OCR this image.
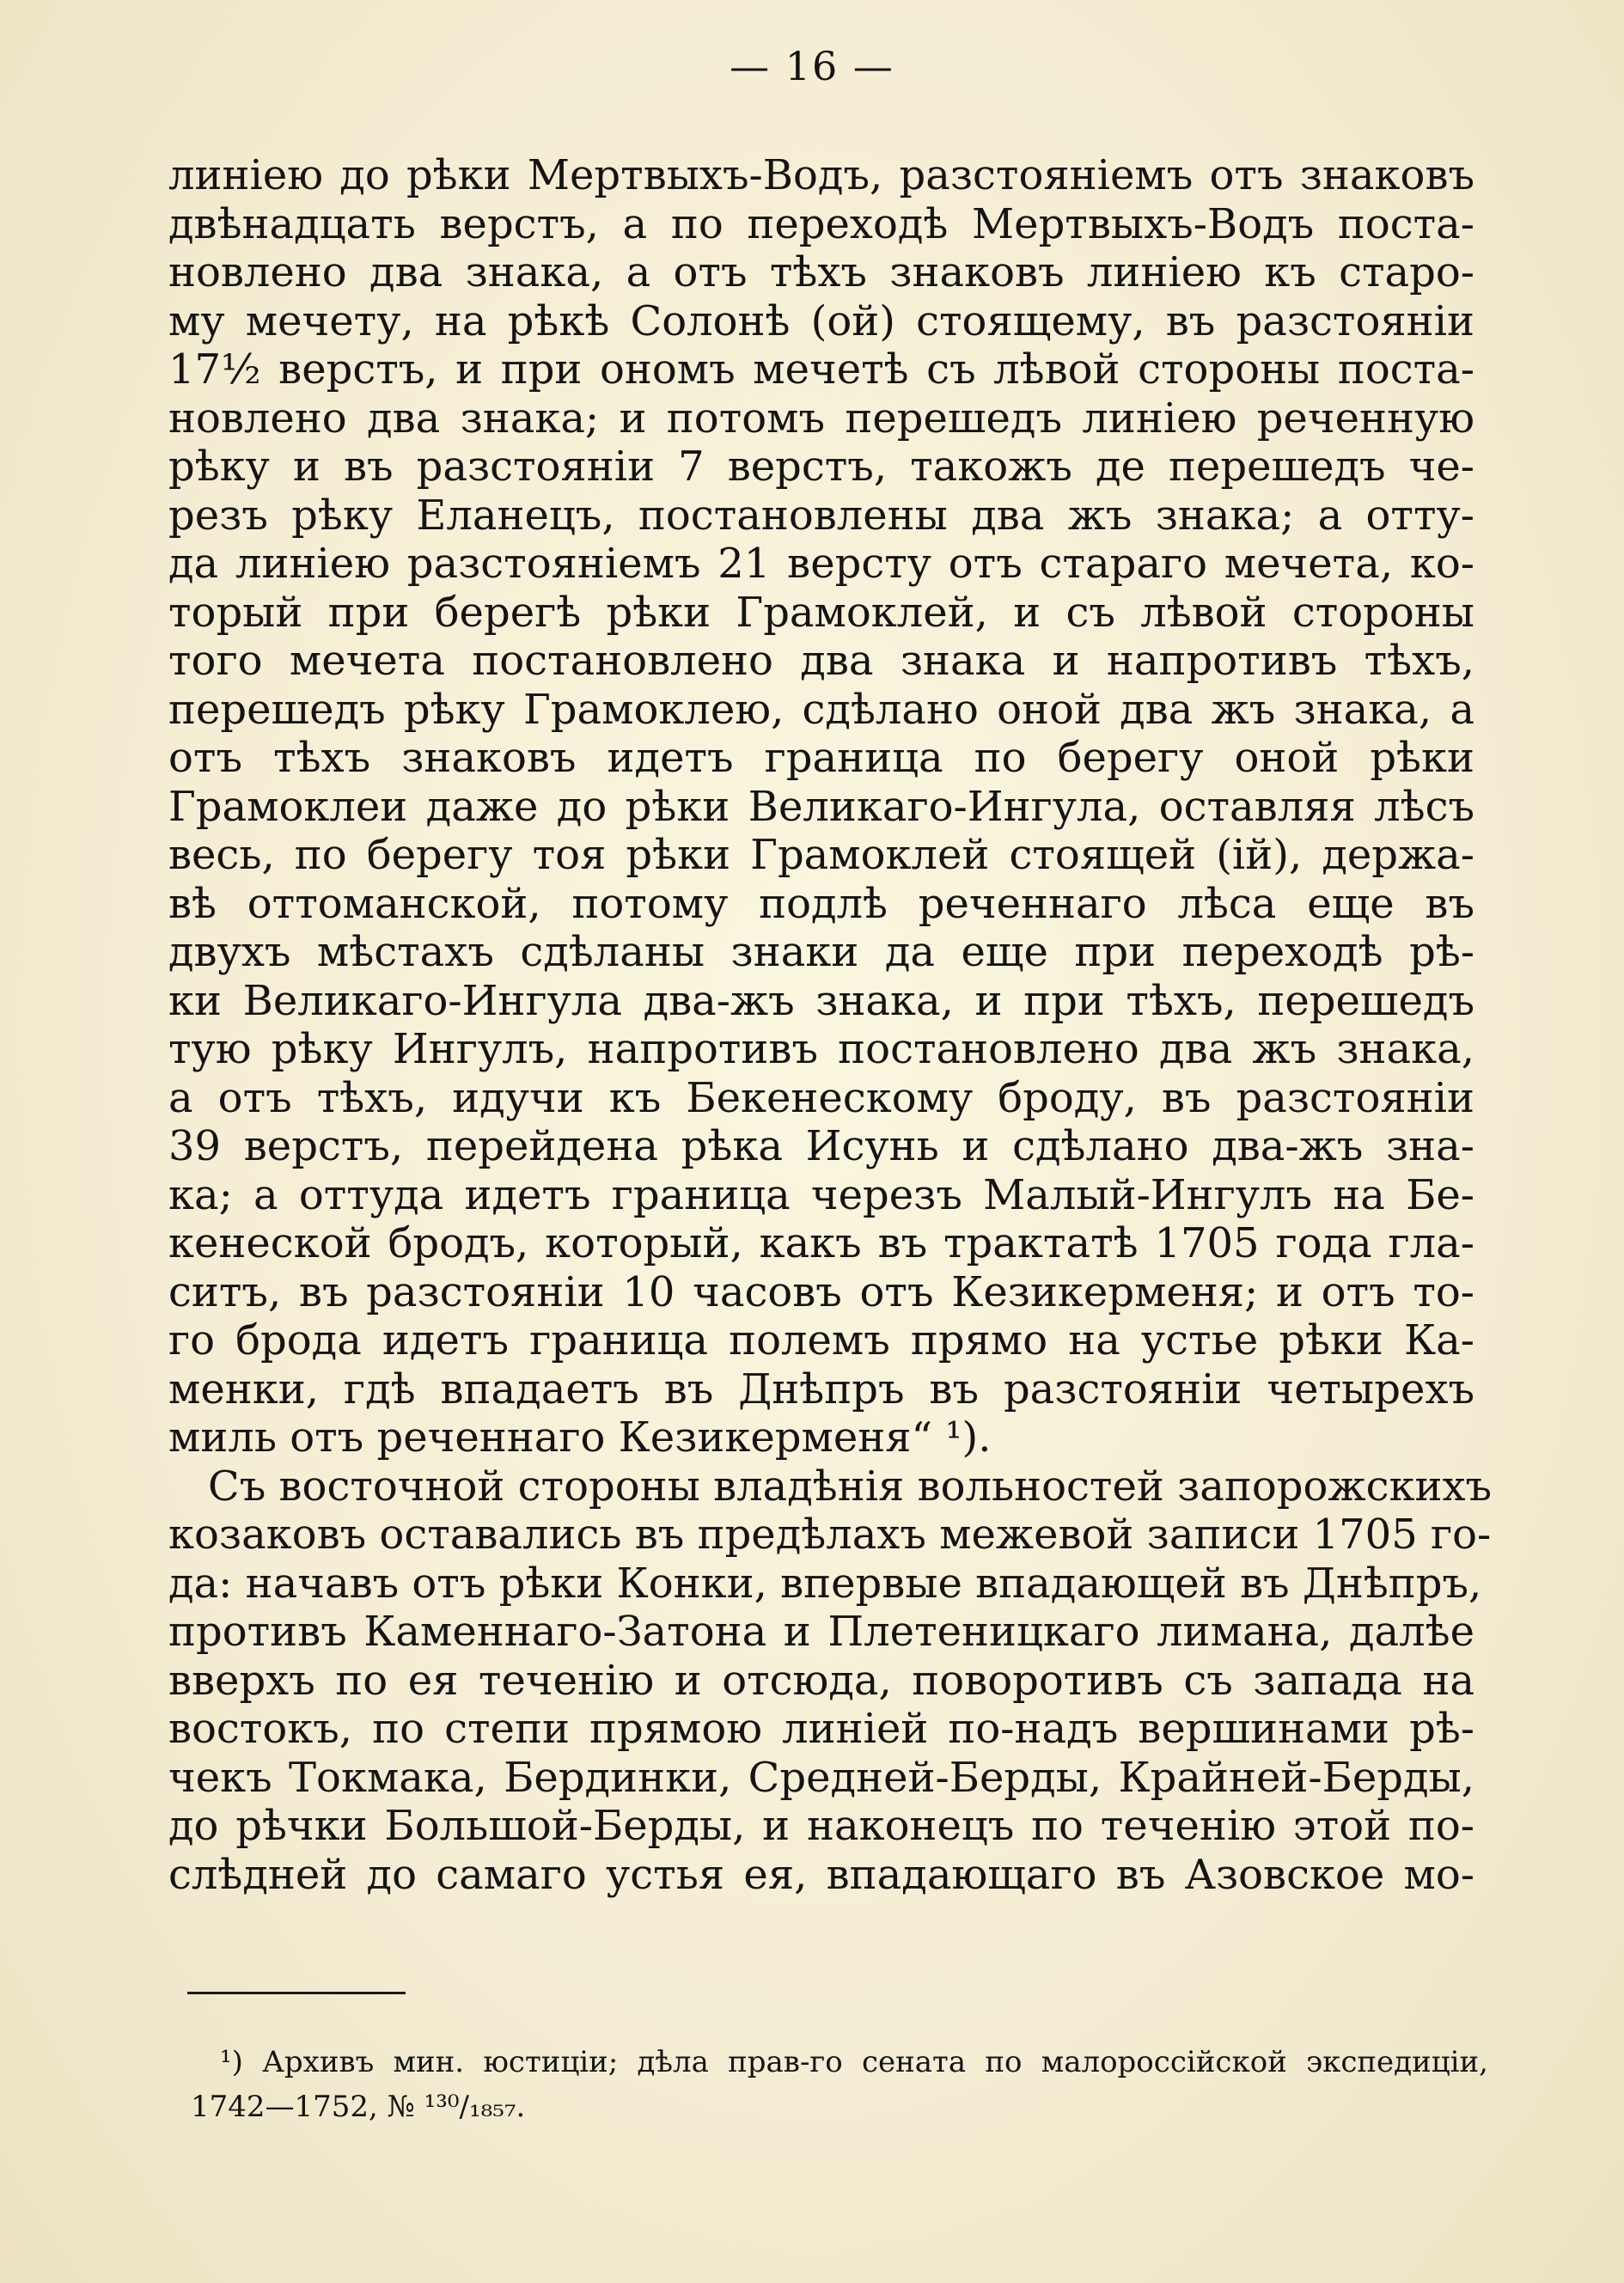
— 16 —
линіею до рѣки Мертвыхъ-Водъ, разстояніемъ отъ знаковъ
двѣнадцать верстъ, а по переходѣ Мертвыхъ-Водъ поста-
новлено два знака, а отъ тѣхъ знаковъ линіею къ старо-
му мечету, на рѣкѣ Солонѣ (ой) стоящему, въ разстояніи
17½ верстъ, и при ономъ мечетѣ съ лѣвой стороны поста-
новлено два знака; и потомъ перешедъ линіею реченную
рѣку и въ разстояніи 7 верстъ, такожъ де перешедъ че-
резъ рѣку Еланецъ, постановлены два жъ знака; а отту-
да линіею разстояніемъ 21 версту отъ стараго мечета, ко-
торый при берегѣ рѣки Грамоклей, и съ лѣвой стороны
того мечета постановлено два знака и напротивъ тѣхъ,
перешедъ рѣку Грамоклею, сдѣлано оной два жъ знака, а
отъ тѣхъ знаковъ идетъ граница по берегу оной рѣки
Грамоклеи даже до рѣки Великаго-Ингула, оставляя лѣсъ
весь, по берегу тоя рѣки Грамоклей стоящей (ій), держа-
вѣ оттоманской, потому подлѣ реченнаго лѣса еще въ
двухъ мѣстахъ сдѣланы знаки да еще при переходѣ рѣ-
ки Великаго-Ингула два-жъ знака, и при тѣхъ, перешедъ
тую рѣку Ингулъ, напротивъ постановлено два жъ знака,
а отъ тѣхъ, идучи къ Бекенескому броду, въ разстояніи
39 верстъ, перейдена рѣка Исунь и сдѣлано два-жъ зна-
ка; а оттуда идетъ граница черезъ Малый-Ингулъ на Бе-
кенеской бродъ, который, какъ въ трактатѣ 1705 года гла-
ситъ, въ разстояніи 10 часовъ отъ Кезикерменя; и отъ то-
го брода идетъ граница полемъ прямо на устье рѣки Ка-
менки, гдѣ впадаетъ въ Днѣпръ въ разстояніи четырехъ
миль отъ реченнаго Кезикерменя“ ¹).
Съ восточной стороны владѣнія вольностей запорожскихъ
козаковъ оставались въ предѣлахъ межевой записи 1705 го-
да: начавъ отъ рѣки Конки, впервые впадающей въ Днѣпръ,
противъ Каменнаго-Затона и Плетеницкаго лимана, далѣе
вверхъ по ея теченію и отсюда, поворотивъ съ запада на
востокъ, по степи прямою линіей по-надъ вершинами рѣ-
чекъ Токмака, Бердинки, Средней-Берды, Крайней-Берды,
до рѣчки Большой-Берды, и наконецъ по теченію этой по-
слѣдней до самаго устья ея, впадающаго въ Азовское мо-
¹) Архивъ мин. юстиціи; дѣла прав-го сената по малороссійской экспедиціи,
1742—1752, № ¹³⁰/₁₈₅₇.
